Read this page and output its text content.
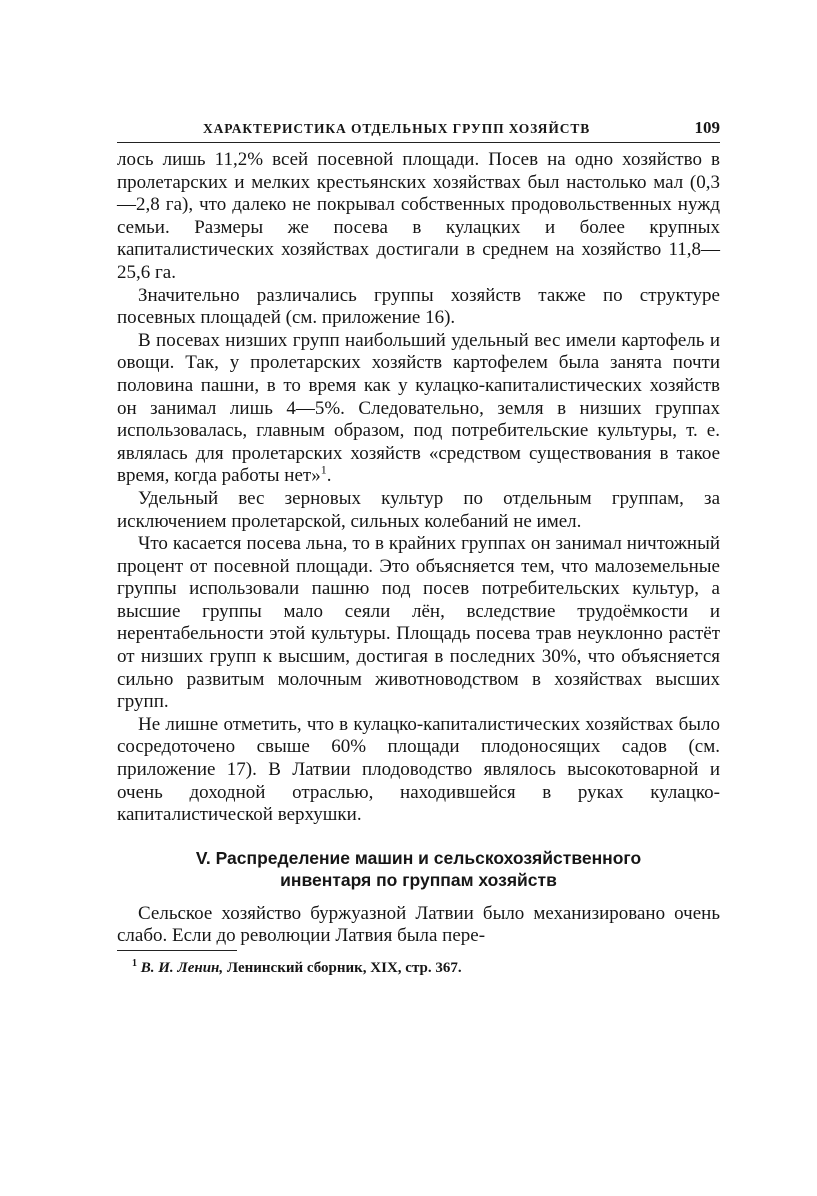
ХАРАКТЕРИСТИКА ОТДЕЛЬНЫХ ГРУПП ХОЗЯЙСТВ	109

лось лишь 11,2% всей посевной площади. Посев на одно хозяйство в пролетарских и мелких крестьянских хозяйствах был настолько мал (0,3—2,8 га), что далеко не покрывал собственных продовольственных нужд семьи. Размеры же посева в кулацких и более крупных капиталистических хозяйствах достигали в среднем на хозяйство 11,8—25,6 га.

Значительно различались группы хозяйств также по структуре посевных площадей (см. приложение 16).

В посевах низших групп наибольший удельный вес имели картофель и овощи. Так, у пролетарских хозяйств картофелем была занята почти половина пашни, в то время как у кулацко-капиталистических хозяйств он занимал лишь 4—5%. Следовательно, земля в низших группах использовалась, главным образом, под потребительские культуры, т. е. являлась для пролетарских хозяйств «средством существования в такое время, когда работы нет»$^1$.

Удельный вес зерновых культур по отдельным группам, за исключением пролетарской, сильных колебаний не имел.

Что касается посева льна, то в крайних группах он занимал ничтожный процент от посевной площади. Это объясняется тем, что малоземельные группы использовали пашню под посев потребительских культур, а высшие группы мало сеяли лён, вследствие трудоёмкости и нерентабельности этой культуры. Площадь посева трав неуклонно растёт от низших групп к высшим, достигая в последних 30%, что объясняется сильно развитым молочным животноводством в хозяйствах высших групп.

Не лишне отметить, что в кулацко-капиталистических хозяйствах было сосредоточено свыше 60% площади плодоносящих садов (см. приложение 17). В Латвии плодоводство являлось высокотоварной и очень доходной отраслью, находившейся в руках кулацко-капиталистической верхушки.

V. Распределение машин и сельскохозяйственного
инвентаря по группам хозяйств

Сельское хозяйство буржуазной Латвии было механизировано очень слабо. Если до революции Латвия была пере-

$^1$ В. И. Ленин, Ленинский сборник, XIX, стр. 367.
